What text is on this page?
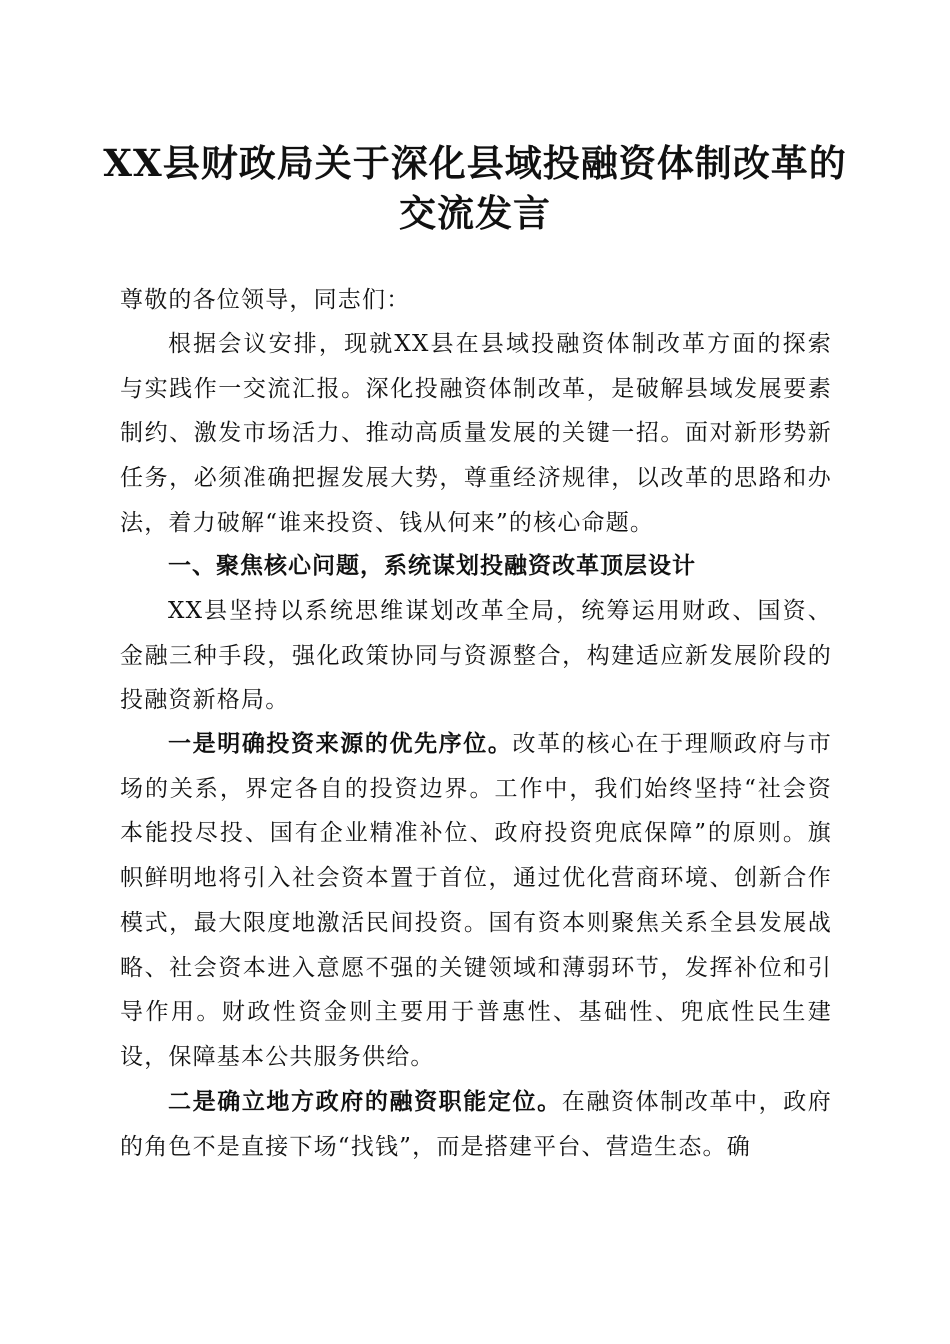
XX县财政局关于深化县域投融资体制改革的
交流发言
尊敬的各位领导，同志们：
根据会议安排，现就XX县在县域投融资体制改革方面的探索与实践作一交流汇报。深化投融资体制改革，是破解县域发展要素制约、激发市场活力、推动高质量发展的关键一招。面对新形势新任务，必须准确把握发展大势，尊重经济规律，以改革的思路和办法，着力破解“谁来投资、钱从何来”的核心命题。
一、聚焦核心问题，系统谋划投融资改革顶层设计
XX县坚持以系统思维谋划改革全局，统筹运用财政、国资、金融三种手段，强化政策协同与资源整合，构建适应新发展阶段的投融资新格局。
一是明确投资来源的优先序位。改革的核心在于理顺政府与市场的关系，界定各自的投资边界。工作中，我们始终坚持“社会资本能投尽投、国有企业精准补位、政府投资兜底保障”的原则。旗帜鲜明地将引入社会资本置于首位，通过优化营商环境、创新合作模式，最大限度地激活民间投资。国有资本则聚焦关系全县发展战略、社会资本进入意愿不强的关键领域和薄弱环节，发挥补位和引导作用。财政性资金则主要用于普惠性、基础性、兜底性民生建设，保障基本公共服务供给。
二是确立地方政府的融资职能定位。在融资体制改革中，政府的角色不是直接下场“找钱”，而是搭建平台、营造生态。确
